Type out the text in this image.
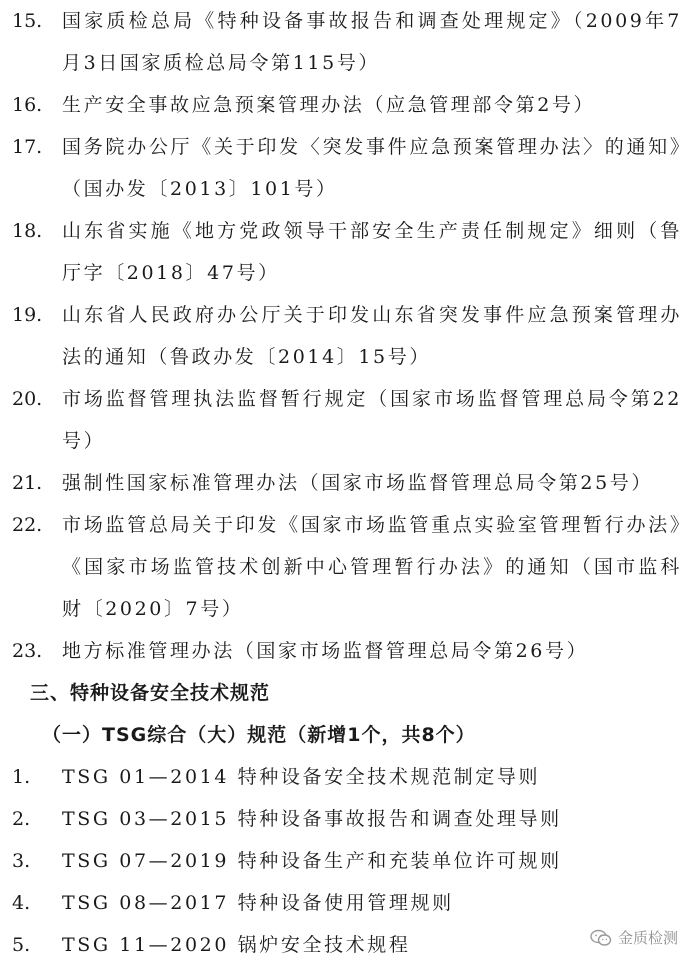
15. 国家质检总局《特种设备事故报告和调查处理规定》（2009年7月3日国家质检总局令第115号）
16. 生产安全事故应急预案管理办法（应急管理部令第2号）
17. 国务院办公厅《关于印发〈突发事件应急预案管理办法〉的通知》（国办发〔2013〕101号）
18. 山东省实施《地方党政领导干部安全生产责任制规定》细则（鲁厅字〔2018〕47号）
19. 山东省人民政府办公厅关于印发山东省突发事件应急预案管理办法的通知（鲁政办发〔2014〕15号）
20. 市场监督管理执法监督暂行规定（国家市场监督管理总局令第22号）
21. 强制性国家标准管理办法（国家市场监督管理总局令第25号）
22. 市场监管总局关于印发《国家市场监管重点实验室管理暂行办法》《国家市场监管技术创新中心管理暂行办法》的通知（国市监科财〔2020〕7号）
23. 地方标准管理办法（国家市场监督管理总局令第26号）
三、特种设备安全技术规范
（一）TSG综合（大）规范（新增1个，共8个）
1. TSG 01—2014 特种设备安全技术规范制定导则
2. TSG 03—2015 特种设备事故报告和调查处理导则
3. TSG 07—2019 特种设备生产和充装单位许可规则
4. TSG 08—2017 特种设备使用管理规则
5. TSG 11—2020 锅炉安全技术规程	金质检测
